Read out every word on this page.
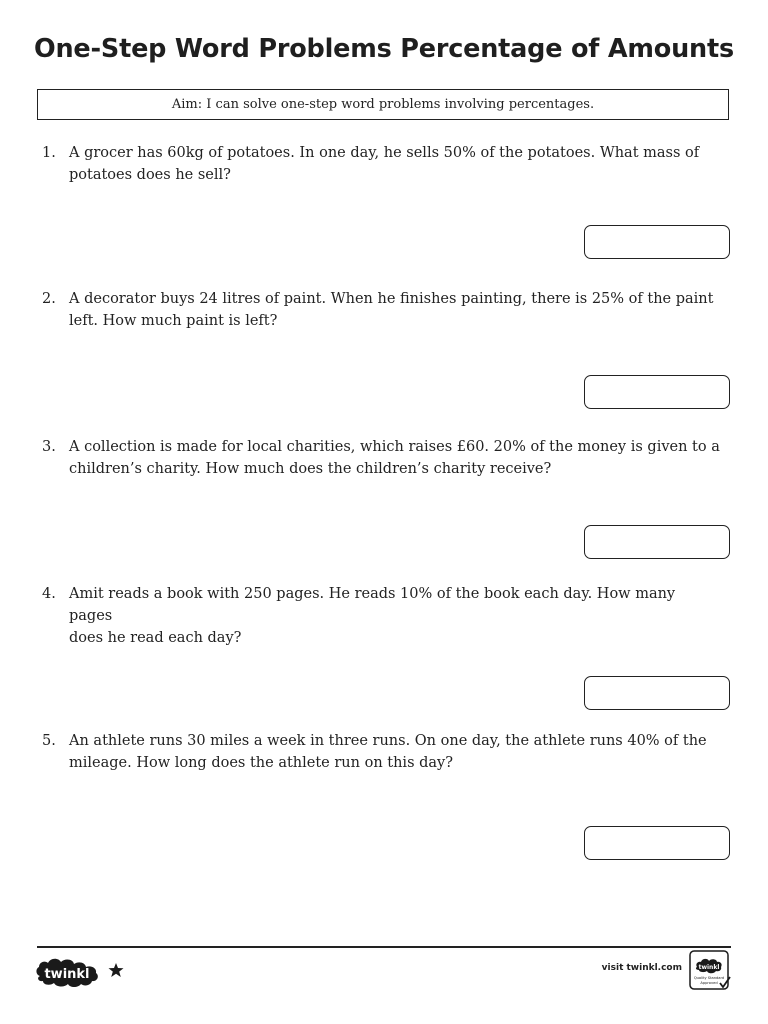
One-Step Word Problems Percentage of Amounts
Aim: I can solve one-step word problems involving percentages.
1. A grocer has 60kg of potatoes. In one day, he sells 50% of the potatoes. What mass of
potatoes does he sell?
2. A decorator buys 24 litres of paint. When he finishes painting, there is 25% of the paint
left. How much paint is left?
3. A collection is made for local charities, which raises £60. 20% of the money is given to a
children’s charity. How much does the children’s charity receive?
4. Amit reads a book with 250 pages. He reads 10% of the book each day. How many pages
does he read each day?
5. An athlete runs 30 miles a week in three runs. On one day, the athlete runs 40% of the
mileage. How long does the athlete run on this day?
twinkl	visit twinkl.com	twinkl
Quality Standard
Approved
